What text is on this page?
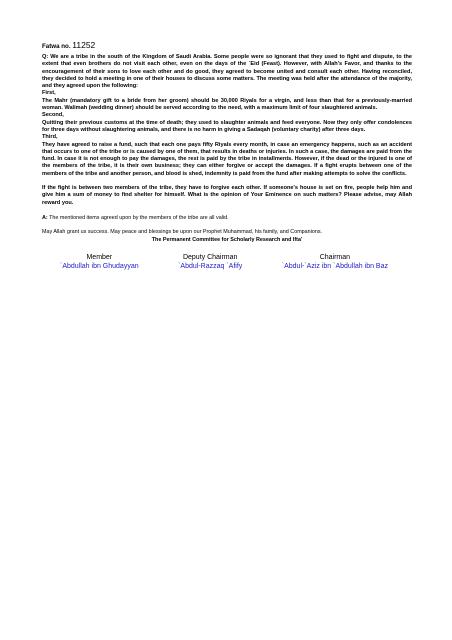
Fatwa no. 11252

Q: We are a tribe in the south of the Kingdom of Saudi Arabia. Some people were so ignorant that they used to fight and dispute, to the extent that even brothers do not visit each other, even on the days of the `Eid (Feast). However, with Allah's Favor, and thanks to the encouragement of their sons to love each other and do good, they agreed to become united and consult each other. Having reconciled, they decided to hold a meeting in one of their houses to discuss some matters. The meeting was held after the attendance of the majority, and they agreed upon the following:

First,

The Mahr (mandatory gift to a bride from her groom) should be 30,000 Riyals for a virgin, and less than that for a previously-married woman. Walimah (wedding dinner) should be served according to the need, with a maximum limit of four slaughtered animals.

Second,

Quitting their previous customs at the time of death; they used to slaughter animals and feed everyone. Now they only offer condolences for three days without slaughtering animals, and there is no harm in giving a Sadaqah (voluntary charity) after three days.

Third,

They have agreed to raise a fund, such that each one pays fifty Riyals every month, in case an emergency happens, such as an accident that occurs to one of the tribe or is caused by one of them, that results in deaths or injuries. In such a case, the damages are paid from the fund. In case it is not enough to pay the damages, the rest is paid by the tribe in installments. However, if the dead or the injured is one of the members of the tribe, it is their own business; they can either forgive or accept the damages. If a fight erupts between one of the members of the tribe and another person, and blood is shed, indemnity is paid from the fund after making attempts to solve the conflicts.

If the fight is between two members of the tribe, they have to forgive each other. If someone's house is set on fire, people help him and give him a sum of money to find shelter for himself. What is the opinion of Your Eminence on such matters? Please advise, may Allah reward you.

A: The mentioned items agreed upon by the members of the tribe are all valid.
May Allah grant us success. May peace and blessings be upon our Prophet Muhammad, his family, and Companions.
The Permanent Committee for Scholarly Research and Ifta'
Member
`Abdullah ibn Ghudayyan
Deputy Chairman
`Abdul-Razzaq `Afify
Chairman
`Abdul-`Aziz ibn `Abdullah ibn Baz
